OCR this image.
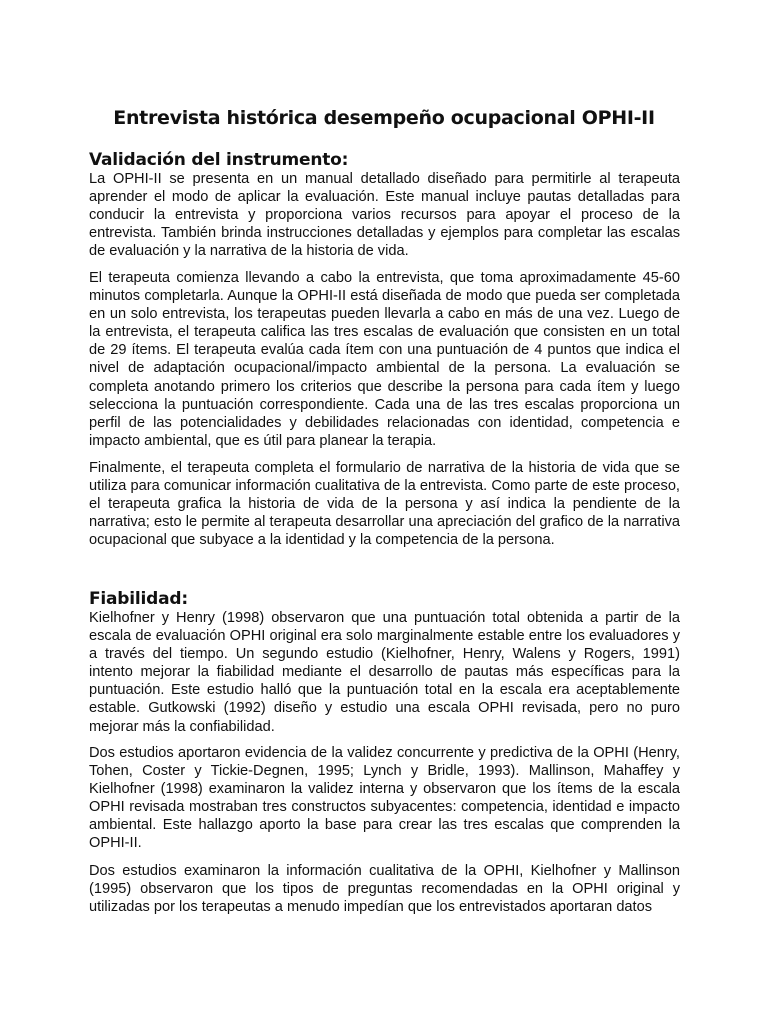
Entrevista histórica desempeño ocupacional OPHI-II
Validación del instrumento:

La OPHI-II se presenta en un manual detallado diseñado para permitirle al terapeuta aprender el modo de aplicar la evaluación. Este manual incluye pautas detalladas para conducir la entrevista y proporciona varios recursos para apoyar el proceso de la entrevista. También brinda instrucciones detalladas y ejemplos para completar las escalas de evaluación y la narrativa de la historia de vida.

El terapeuta comienza llevando a cabo la entrevista, que toma aproximadamente 45-60 minutos completarla. Aunque la OPHI-II está diseñada de modo que pueda ser completada en un solo entrevista, los terapeutas pueden llevarla a cabo en más de una vez. Luego de la entrevista, el terapeuta califica las tres escalas de evaluación que consisten en un total de 29 ítems. El terapeuta evalúa cada ítem con una puntuación de 4 puntos que indica el nivel de adaptación ocupacional/impacto ambiental de la persona. La evaluación se completa anotando primero los criterios que describe la persona para cada ítem y luego selecciona la puntuación correspondiente. Cada una de las tres escalas proporciona un perfil de las potencialidades y debilidades relacionadas con identidad, competencia e impacto ambiental, que es útil para planear la terapia.

Finalmente, el terapeuta completa el formulario de narrativa de la historia de vida que se utiliza para comunicar información cualitativa de la entrevista. Como parte de este proceso, el terapeuta grafica la historia de vida de la persona y así indica la pendiente de la narrativa; esto le permite al terapeuta desarrollar una apreciación del grafico de la narrativa ocupacional que subyace a la identidad y la competencia de la persona.

Fiabilidad:

Kielhofner y Henry (1998) observaron que una puntuación total obtenida a partir de la escala de evaluación OPHI original era solo marginalmente estable entre los evaluadores y a través del tiempo. Un segundo estudio (Kielhofner, Henry, Walens y Rogers, 1991) intento mejorar la fiabilidad mediante el desarrollo de pautas más específicas para la puntuación. Este estudio halló que la puntuación total en la escala era aceptablemente estable. Gutkowski (1992) diseño y estudio una escala OPHI revisada, pero no puro mejorar más la confiabilidad.

Dos estudios aportaron evidencia de la validez concurrente y predictiva de la OPHI (Henry, Tohen, Coster y Tickie-Degnen, 1995; Lynch y Bridle, 1993). Mallinson, Mahaffey y Kielhofner (1998) examinaron la validez interna y observaron que los ítems de la escala OPHI revisada mostraban tres constructos subyacentes: competencia, identidad e impacto ambiental. Este hallazgo aporto la base para crear las tres escalas que comprenden la OPHI-II.

Dos estudios examinaron la información cualitativa de la OPHI, Kielhofner y Mallinson (1995) observaron que los tipos de preguntas recomendadas en la OPHI original y utilizadas por los terapeutas a menudo impedían que los entrevistados aportaran datos
